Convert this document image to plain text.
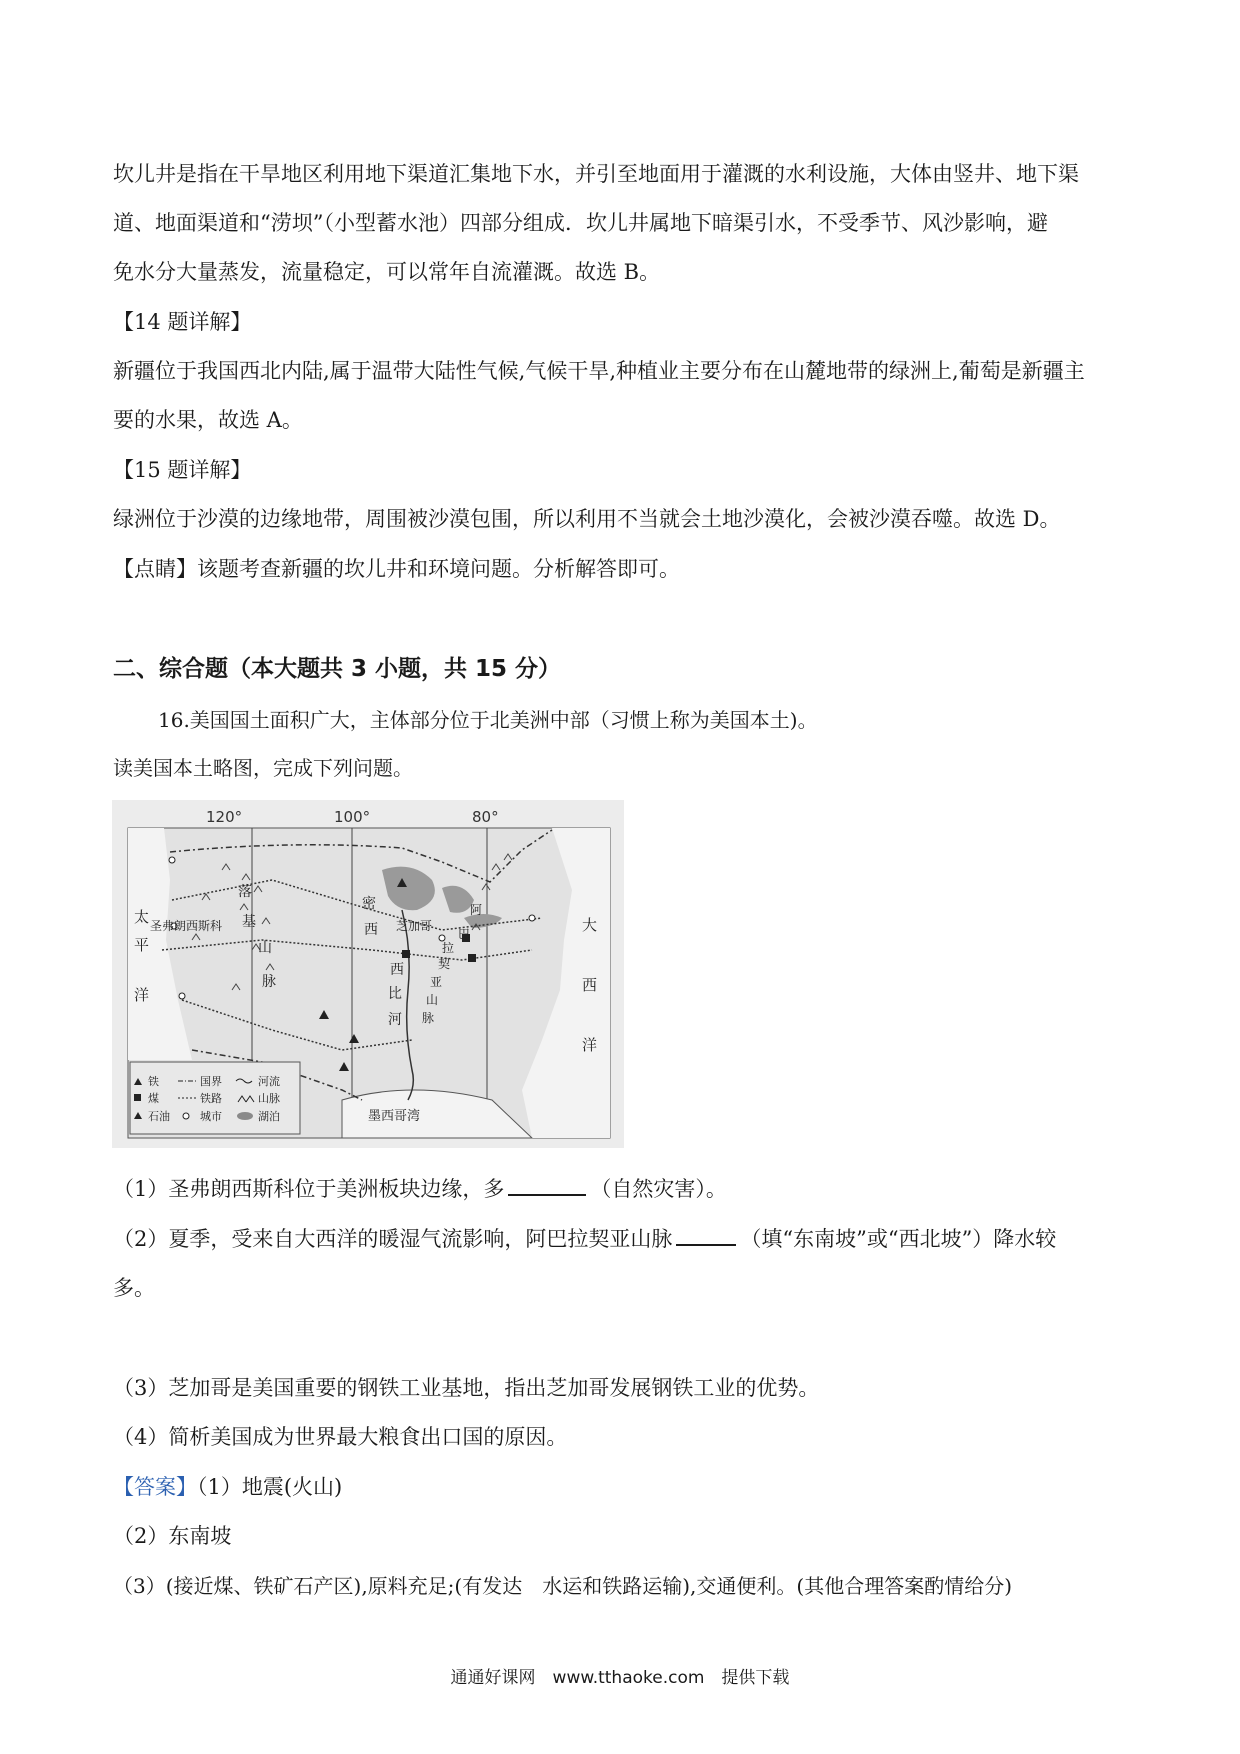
坎儿井是指在干旱地区利用地下渠道汇集地下水，并引至地面用于灌溉的水利设施，大体由竖井、地下渠

道、地面渠道和“涝坝”（小型蓄水池）四部分组成．坎儿井属地下暗渠引水，不受季节、风沙影响，避

免水分大量蒸发，流量稳定，可以常年自流灌溉。故选 B。

【14 题详解】

新疆位于我国西北内陆,属于温带大陆性气候,气候干旱,种植业主要分布在山麓地带的绿洲上,葡萄是新疆主

要的水果，故选 A。

【15 题详解】

绿洲位于沙漠的边缘地带，周围被沙漠包围，所以利用不当就会土地沙漠化，会被沙漠吞噬。故选 D。

【点睛】该题考查新疆的坎儿井和环境问题。分析解答即可。

二、综合题（本大题共 3 小题，共 15 分）

16.美国国土面积广大，主体部分位于北美洲中部（习惯上称为美国本土)。

读美国本土略图，完成下列问题。

120°	100°	80°
太
平
洋
大
西
洋
落
基
山
脉
圣弗朗西斯科	芝加哥
密
西
西
比
河
阿
巴
拉
契
亚
山
脉
墨西哥湾
铁
煤
石油
国界
铁路
城市
河流
山脉
湖泊

（1）圣弗朗西斯科位于美洲板块边缘，多	（自然灾害）。

（2）夏季，受来自大西洋的暖湿气流影响，阿巴拉契亚山脉	（填“东南坡”或“西北坡”）降水较

多。

（3）芝加哥是美国重要的钢铁工业基地，指出芝加哥发展钢铁工业的优势。

（4）简析美国成为世界最大粮食出口国的原因。

【答案】（1）地震(火山)

（2）东南坡

（3）(接近煤、铁矿石产区),原料充足;(有发达　水运和铁路运输),交通便利。(其他合理答案酌情给分)

通通好课网　www.tthaoke.com　提供下载
